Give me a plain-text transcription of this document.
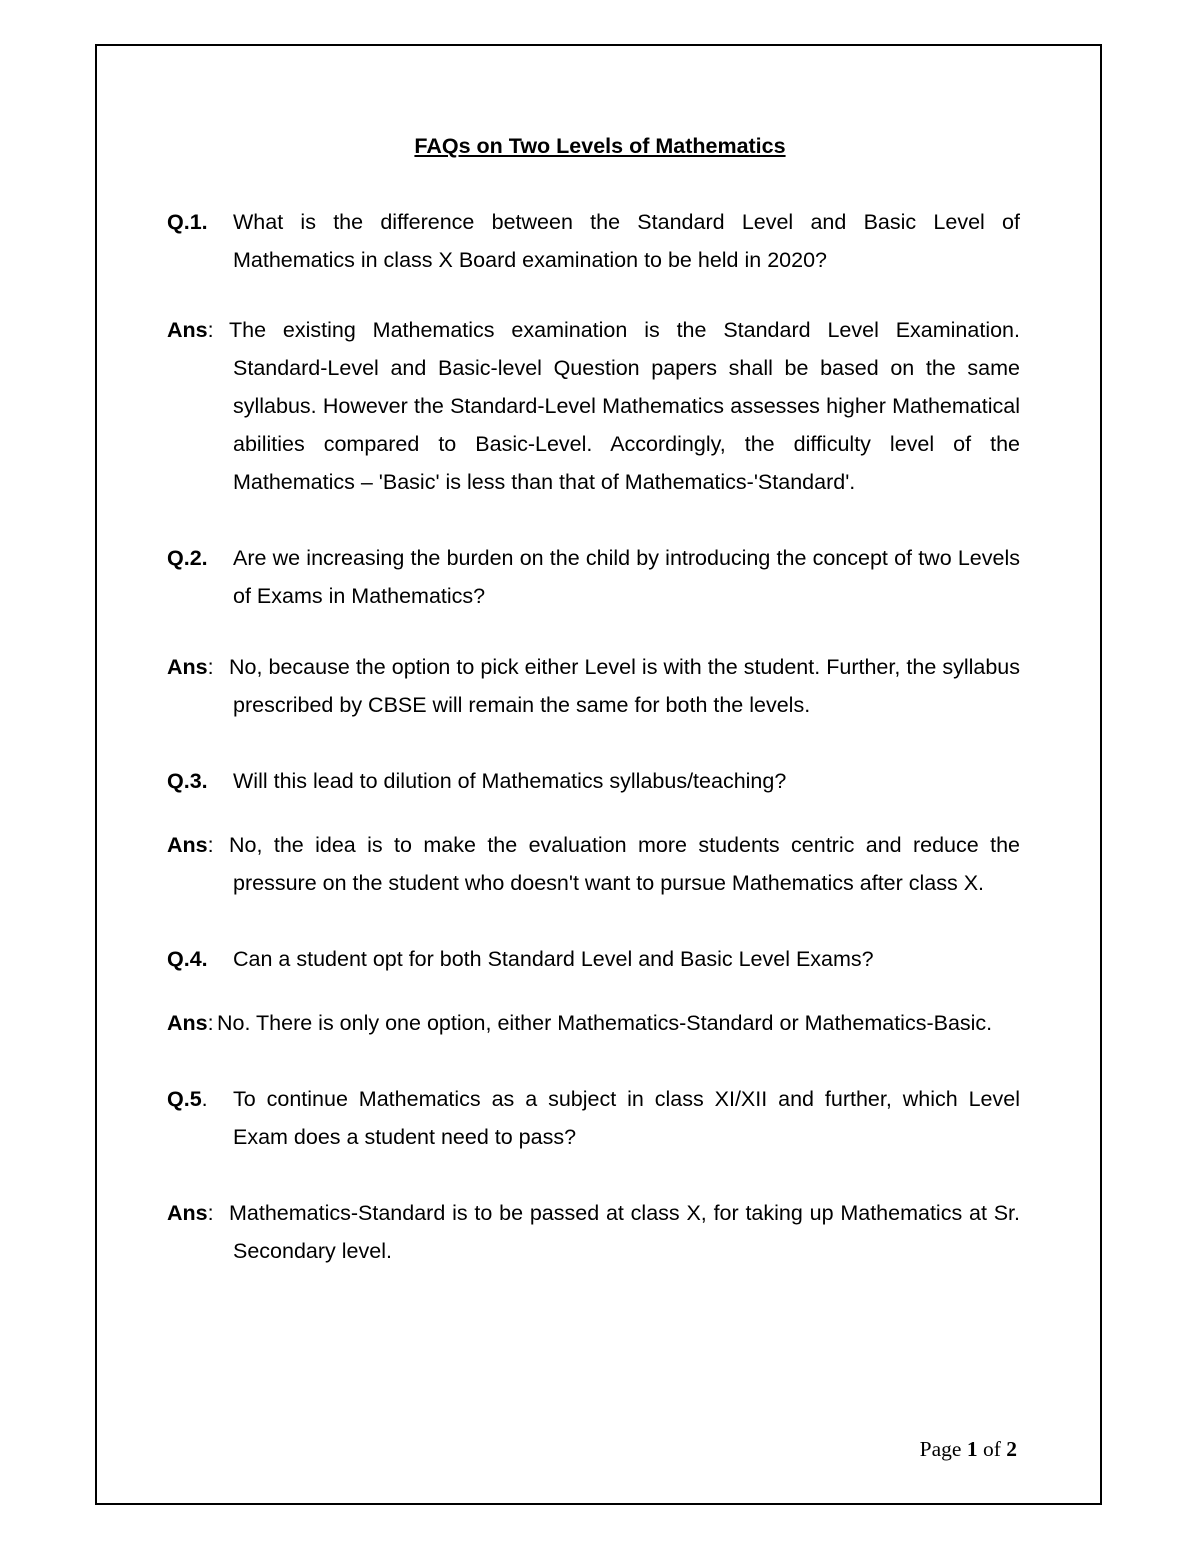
FAQs on Two Levels of Mathematics
Q.1.	What is the difference between the Standard Level and Basic Level of Mathematics in class X Board examination to be held in 2020?

Ans: The existing Mathematics examination is the Standard Level Examination. Standard-Level and Basic-level Question papers shall be based on the same syllabus. However the Standard-Level Mathematics assesses higher Mathematical abilities compared to Basic-Level. Accordingly, the difficulty level of the Mathematics – 'Basic' is less than that of Mathematics-'Standard'.

Q.2.	Are we increasing the burden on the child by introducing the concept of two Levels of Exams in Mathematics?

Ans: No, because the option to pick either Level is with the student. Further, the syllabus prescribed by CBSE will remain the same for both the levels.

Q.3.	Will this lead to dilution of Mathematics syllabus/teaching?

Ans: No, the idea is to make the evaluation more students centric and reduce the pressure on the student who doesn't want to pursue Mathematics after class X.

Q.4.	Can a student opt for both Standard Level and Basic Level Exams?

Ans: No. There is only one option, either Mathematics-Standard or Mathematics-Basic.

Q.5.	To continue Mathematics as a subject in class XI/XII and further, which Level Exam does a student need to pass?

Ans: Mathematics-Standard is to be passed at class X, for taking up Mathematics at Sr. Secondary level.

Page 1 of 2
